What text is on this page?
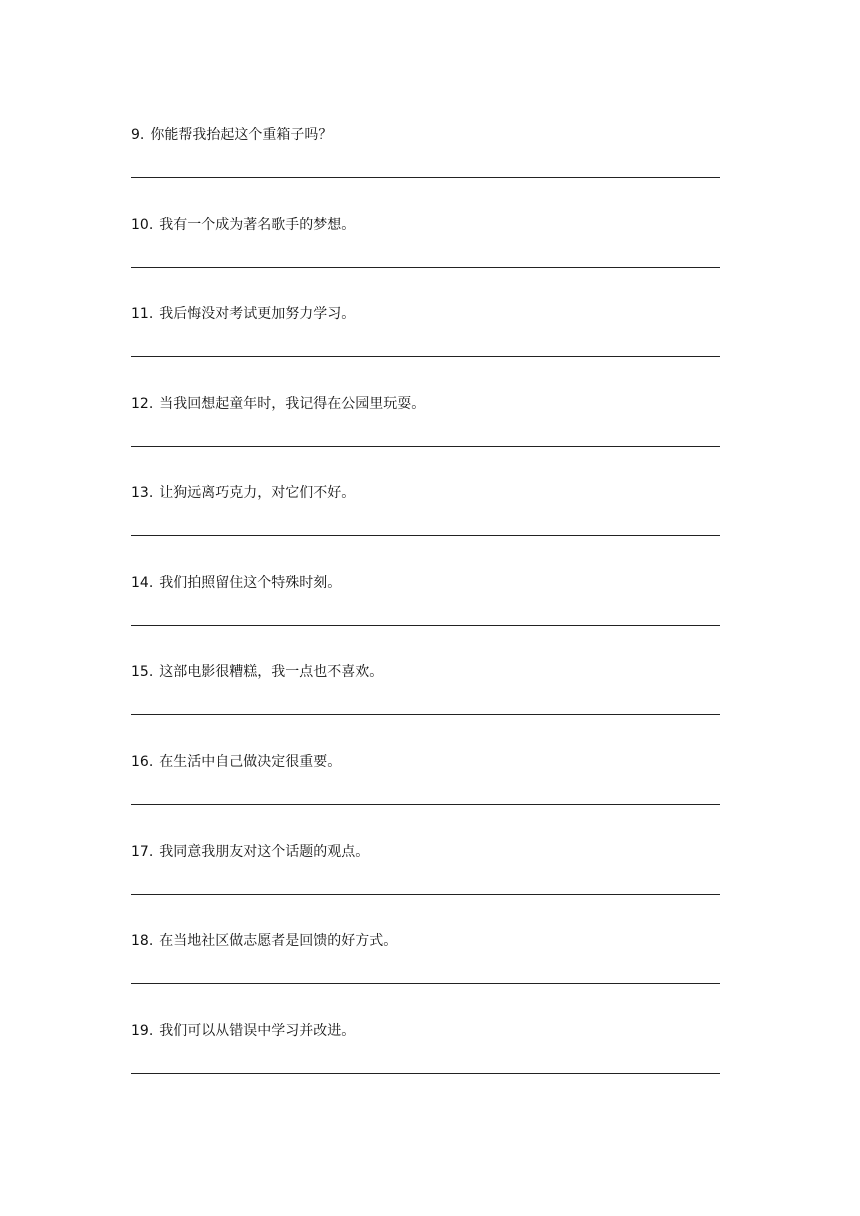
9. 你能帮我抬起这个重箱子吗？
10. 我有一个成为著名歌手的梦想。
11. 我后悔没对考试更加努力学习。
12. 当我回想起童年时，我记得在公园里玩耍。
13. 让狗远离巧克力，对它们不好。
14. 我们拍照留住这个特殊时刻。
15. 这部电影很糟糕，我一点也不喜欢。
16. 在生活中自己做决定很重要。
17. 我同意我朋友对这个话题的观点。
18. 在当地社区做志愿者是回馈的好方式。
19. 我们可以从错误中学习并改进。
